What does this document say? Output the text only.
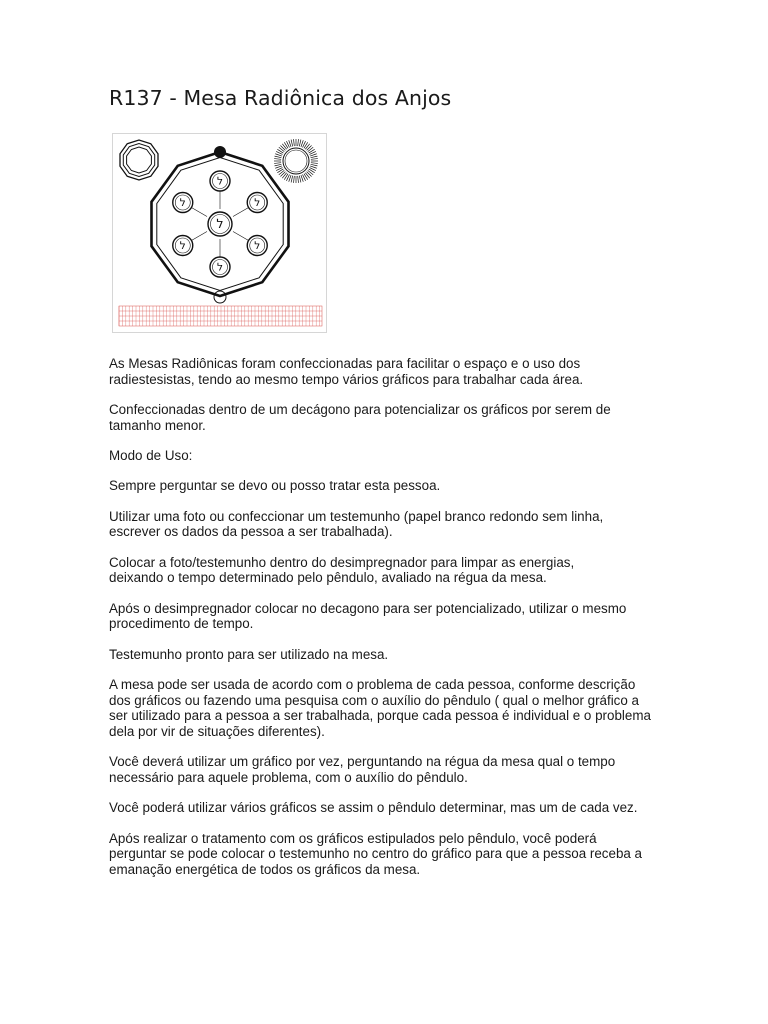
R137 - Mesa Radiônica dos Anjos
ל
ל
ל
ל
ל
ל
ל

As Mesas Radiônicas foram confeccionadas para facilitar o espaço e o uso dos
radiestesistas, tendo ao mesmo tempo vários gráficos para trabalhar cada área.

Confeccionadas dentro de um decágono para potencializar os gráficos por serem de
tamanho menor.

Modo de Uso:

Sempre perguntar se devo ou posso tratar esta pessoa.

Utilizar uma foto ou confeccionar um testemunho (papel branco redondo sem linha,
escrever os dados da pessoa a ser trabalhada).

Colocar a foto/testemunho dentro do desimpregnador para limpar as energias,
deixando o tempo determinado pelo pêndulo, avaliado na régua da mesa.

Após o desimpregnador colocar no decagono para ser potencializado, utilizar o mesmo
procedimento de tempo.

Testemunho pronto para ser utilizado na mesa.

A mesa pode ser usada de acordo com o problema de cada pessoa, conforme descrição
dos gráficos ou fazendo uma pesquisa com o auxílio do pêndulo ( qual o melhor gráfico a
ser utilizado para a pessoa a ser trabalhada, porque cada pessoa é individual e o problema
dela por vir de situações diferentes).

Você deverá utilizar um gráfico por vez, perguntando na régua da mesa qual o tempo
necessário para aquele problema, com o auxílio do pêndulo.

Você poderá utilizar vários gráficos se assim o pêndulo determinar, mas um de cada vez.

Após realizar o tratamento com os gráficos estipulados pelo pêndulo, você poderá
perguntar se pode colocar o testemunho no centro do gráfico para que a pessoa receba a
emanação energética de todos os gráficos da mesa.
